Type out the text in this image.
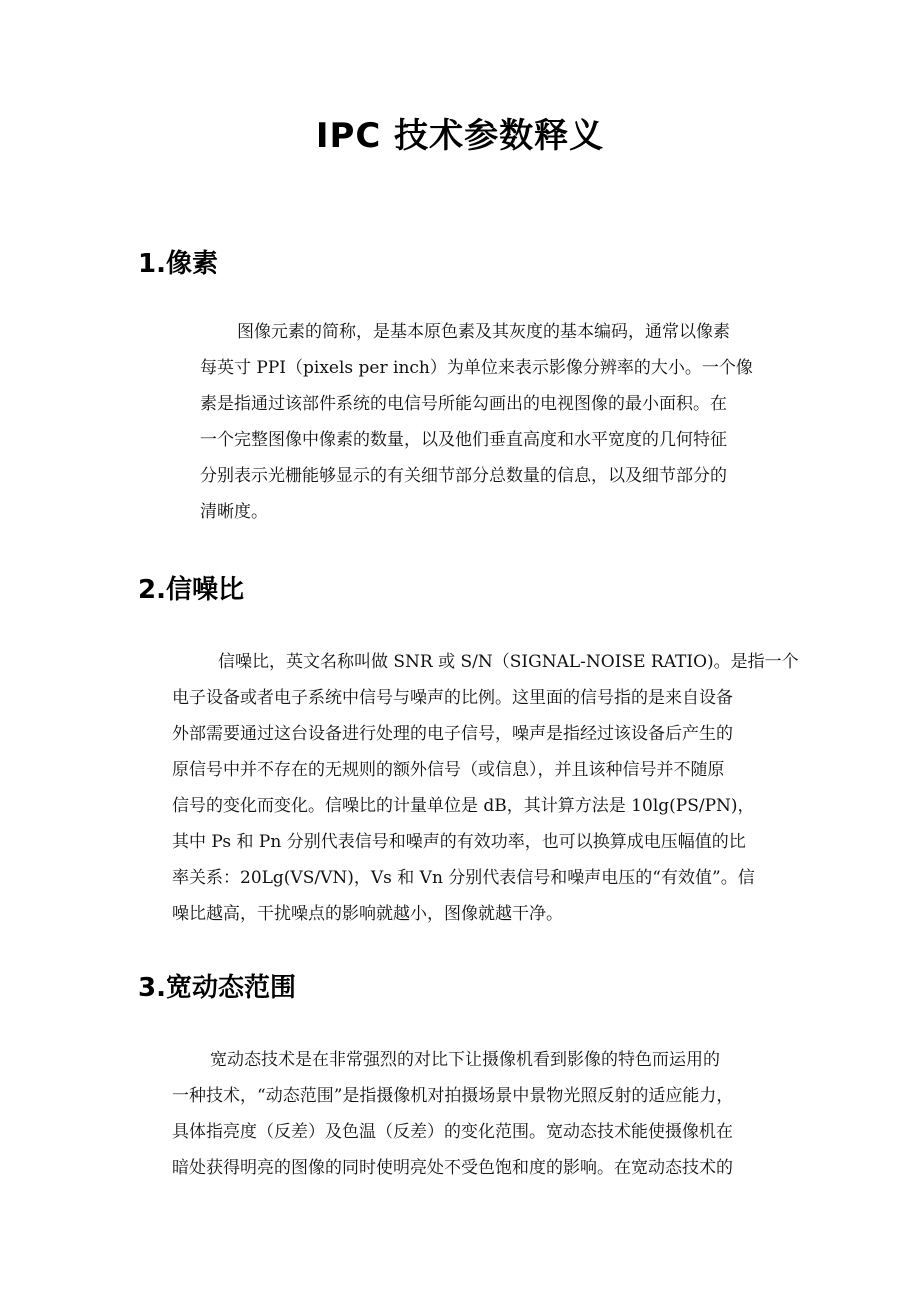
IPC 技术参数释义
1.像素
图像元素的简称，是基本原色素及其灰度的基本编码，通常以像素
每英寸 PPI（pixels per inch）为单位来表示影像分辨率的大小。一个像
素是指通过该部件系统的电信号所能勾画出的电视图像的最小面积。在
一个完整图像中像素的数量，以及他们垂直高度和水平宽度的几何特征
分别表示光栅能够显示的有关细节部分总数量的信息，以及细节部分的
清晰度。
2.信噪比
信噪比，英文名称叫做 SNR 或 S/N（SIGNAL-NOISE RATIO)。是指一个
电子设备或者电子系统中信号与噪声的比例。这里面的信号指的是来自设备
外部需要通过这台设备进行处理的电子信号，噪声是指经过该设备后产生的
原信号中并不存在的无规则的额外信号（或信息），并且该种信号并不随原
信号的变化而变化。信噪比的计量单位是 dB，其计算方法是 10lg(PS/PN)，
其中 Ps 和 Pn 分别代表信号和噪声的有效功率，也可以换算成电压幅值的比
率关系：20Lg(VS/VN)，Vs 和 Vn 分别代表信号和噪声电压的“有效值”。信
噪比越高，干扰噪点的影响就越小，图像就越干净。
3.宽动态范围
宽动态技术是在非常强烈的对比下让摄像机看到影像的特色而运用的
一种技术，“动态范围”是指摄像机对拍摄场景中景物光照反射的适应能力，
具体指亮度（反差）及色温（反差）的变化范围。宽动态技术能使摄像机在
暗处获得明亮的图像的同时使明亮处不受色饱和度的影响。在宽动态技术的
